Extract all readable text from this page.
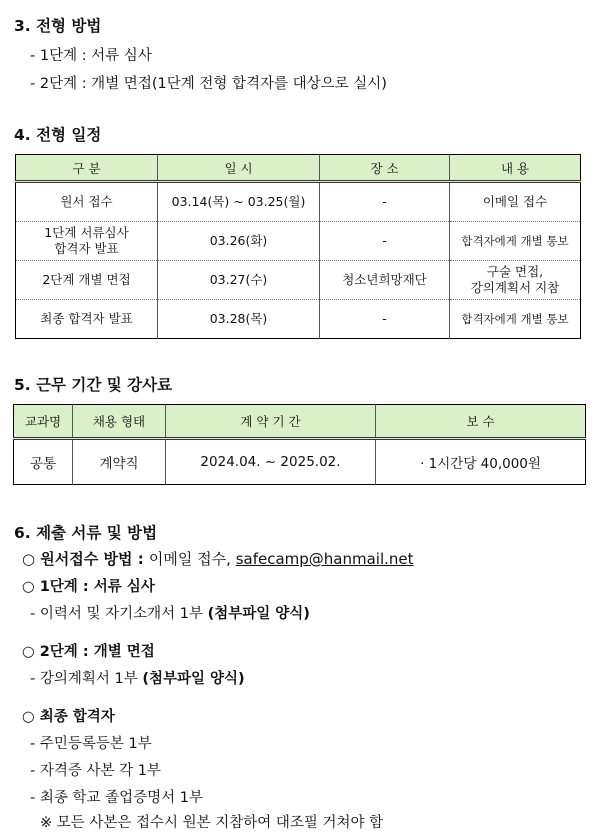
3. 전형 방법
- 1단계 : 서류 심사
- 2단계 : 개별 면접(1단계 전형 합격자를 대상으로 실시)
4. 전형 일정
구 분	일 시	장 소	내 용
원서 접수	03.14(목) ~ 03.25(월)	-	이메일 접수

1단계 서류심사
합격자 발표	03.26(화)	-	합격자에게 개별 통보
2단계 개별 면접	03.27(수)	청소년희망재단	구술 면접,
강의계획서 지참

최종 합격자 발표	03.28(목)	-	합격자에게 개별 통보
5. 근무 기간 및 강사료
교과명	채용 형태	계 약 기 간	보 수
공통	계약직	2024.04. ~ 2025.02.	· 1시간당 40,000원
6. 제출 서류 및 방법
○ 원서접수 방법 : 이메일 접수, safecamp@hanmail.net
○ 1단계 : 서류 심사
- 이력서 및 자기소개서 1부 (첨부파일 양식)
○ 2단계 : 개별 면접
- 강의계획서 1부 (첨부파일 양식)
○ 최종 합격자
- 주민등록등본 1부
- 자격증 사본 각 1부
- 최종 학교 졸업증명서 1부
※ 모든 사본은 접수시 원본 지참하여 대조필 거쳐야 함
